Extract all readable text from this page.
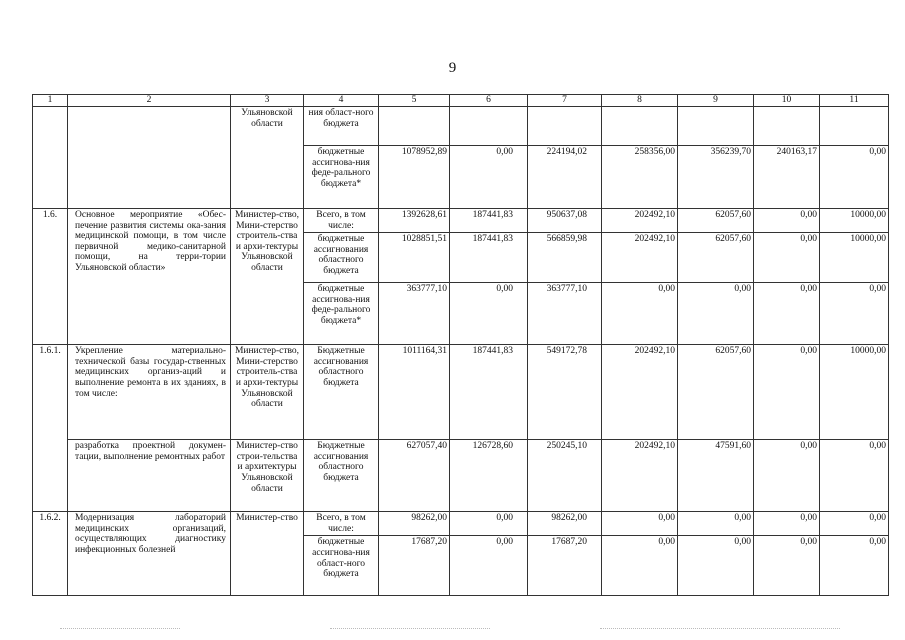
9
1	2	3	4	5	6	7	8	9	10	11
		Ульяновской области	ния област-ного бюджета							
			бюджетные ассигнова-ния феде-рального бюджета*	1078952,89	0,00	224194,02	258356,00	356239,70	240163,17	0,00
1.6.	Основное мероприятие «Обес-печение развития системы ока-зания медицинской помощи, в том числе первичной медико-санитарной помощи, на терри-тории Ульяновской области»	Министер-ство, Мини-стерство строитель-ства и архи-тектуры Ульяновской области	Всего, в том числе:	1392628,61	187441,83	950637,08	202492,10	62057,60	0,00	10000,00
			бюджетные ассигнования областного бюджета	1028851,51	187441,83	566859,98	202492,10	62057,60	0,00	10000,00
			бюджетные ассигнова-ния феде-рального бюджета*	363777,10	0,00	363777,10	0,00	0,00	0,00	0,00
1.6.1.	Укрепление материально-технической базы государ-ственных медицинских организ-аций и выполнение ремонта в их зданиях, в том числе:	Министер-ство, Мини-стерство строитель-ства и архи-тектуры Ульяновской области	Бюджетные ассигнования областного бюджета	1011164,31	187441,83	549172,78	202492,10	62057,60	0,00	10000,00
	разработка проектной докумен-тации, выполнение ремонтных работ	Министер-ство строи-тельства и архитектуры Ульяновской области	Бюджетные ассигнования областного бюджета	627057,40	126728,60	250245,10	202492,10	47591,60	0,00	0,00
1.6.2.	Модернизация лабораторий медицинских организаций, осуществляющих диагностику инфекционных болезней	Министер-ство	Всего, в том числе:	98262,00	0,00	98262,00	0,00	0,00	0,00	0,00
			бюджетные ассигнова-ния област-ного бюджета	17687,20	0,00	17687,20	0,00	0,00	0,00	0,00
